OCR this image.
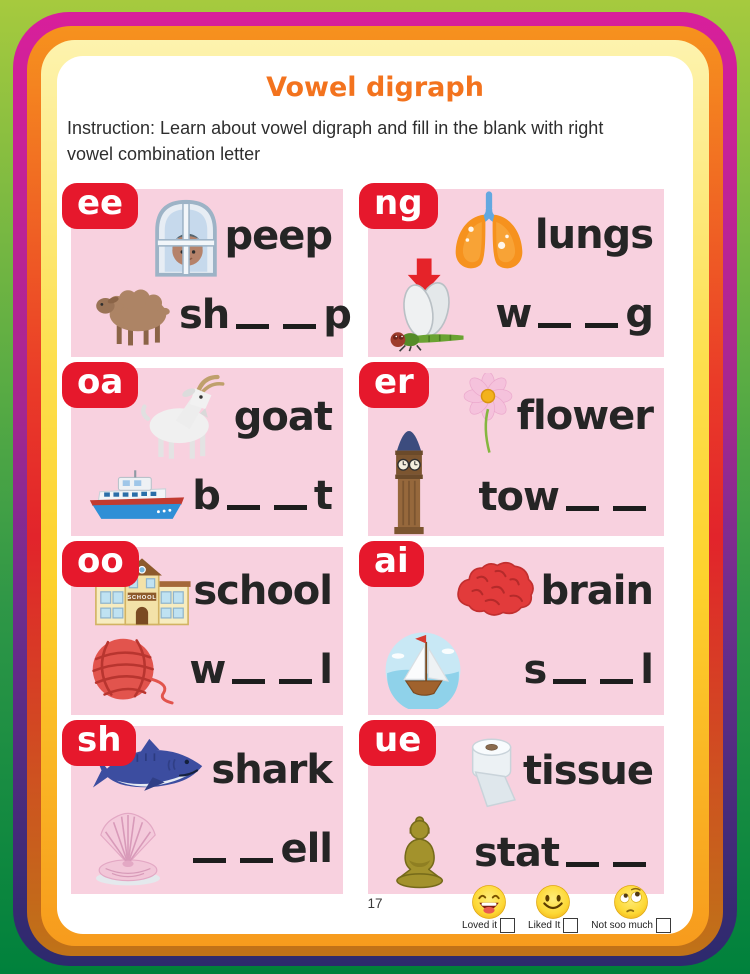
Vowel digraph

Instruction: Learn about vowel digraph and fill in the blank with right vowel combination letter

ee
peep
sh p
ng
lungs
w g
oa
goat
b t
er
flower
tow
oo
school
w l
ai
brain
s l
sh
shark
ell
ue
tissue
stat
17
Loved it	Liked It	Not soo much
